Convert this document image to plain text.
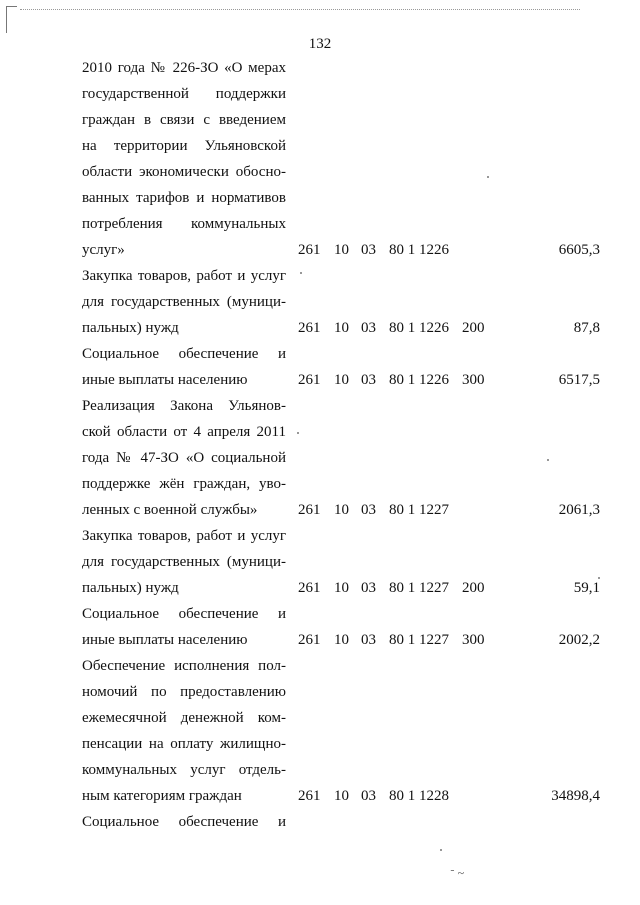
ᐨ ~
132
2010 года № 226-ЗО «О мерах
государственной поддержки
граждан в связи с введением
на территории Ульяновской
области экономически обосно-
ванных тарифов и нормативов
потребления коммунальных
услуг»	261 10 03 80 1 1226	6605,3
Закупка товаров, работ и услуг
для государственных (муници-
пальных) нужд	261 10 03 80 1 1226 200	87,8
Социальное обеспечение и
иные выплаты населению	261 10 03 80 1 1226 300	6517,5
Реализация Закона Ульянов-
ской области от 4 апреля 2011
года № 47-ЗО «О социальной
поддержке жён граждан, уво-
ленных с военной службы»	261 10 03 80 1 1227	2061,3
Закупка товаров, работ и услуг
для государственных (муници-
пальных) нужд	261 10 03 80 1 1227 200	59,1
Социальное обеспечение и
иные выплаты населению	261 10 03 80 1 1227 300	2002,2
Обеспечение исполнения пол-
номочий по предоставлению
ежемесячной денежной ком-
пенсации на оплату жилищно-
коммунальных услуг отдель-
ным категориям граждан	261 10 03 80 1 1228	34898,4
Социальное обеспечение и
